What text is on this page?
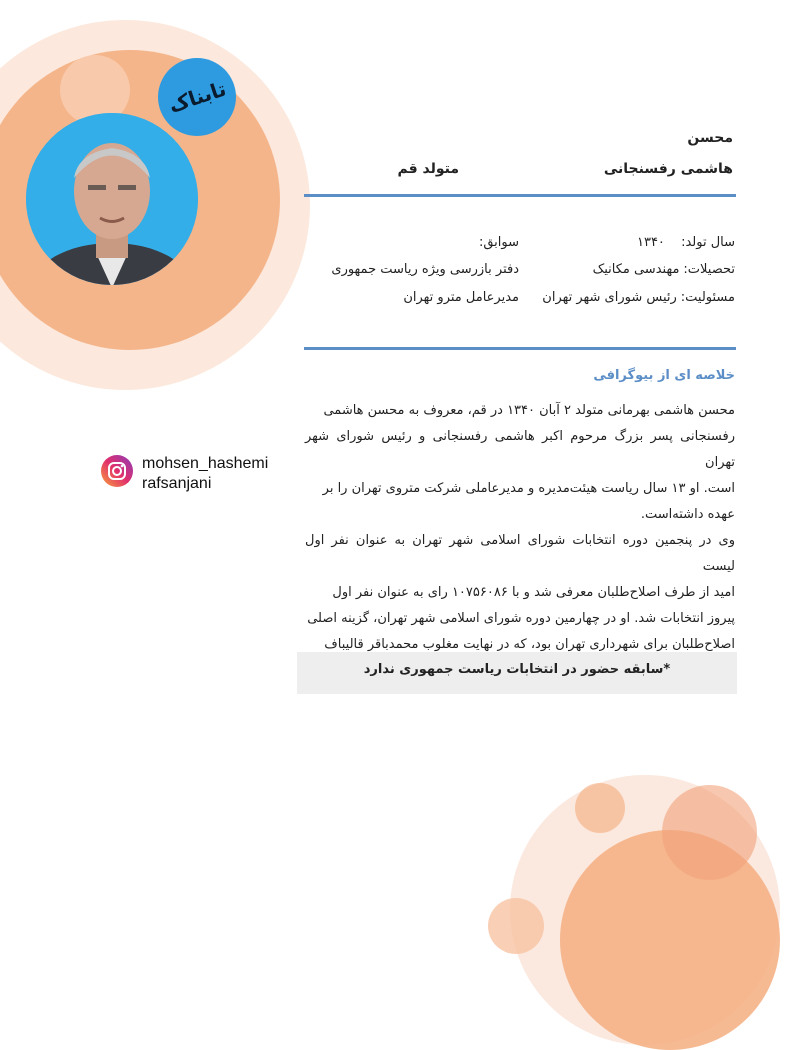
تابناک
محسن
هاشمی رفسنجانی
متولد قم
سال تولد: ۱۳۴۰
تحصیلات:مهندسی مکانیک
مسئولیت:رئیس شورای شهر تهران
سوابق:
دفتر بازرسی ویژه ریاست جمهوری
مدیرعامل مترو تهران
خلاصه ای از بیوگرافی
محسن هاشمی بهرمانی متولد ۲ آبان ۱۳۴۰ در قم، معروف به محسن هاشمی
رفسنجانی پسر بزرگ مرحوم اکبر هاشمی رفسنجانی و رئیس شورای شهر تهران
است. او ۱۳ سال ریاست هیئت‌مدیره و مدیرعاملی شرکت متروی تهران را بر
عهده داشته‌است.
وی در پنجمین دوره انتخابات شورای اسلامی شهر تهران به عنوان نفر اول لیست
امید از طرف اصلاح‌طلبان معرفی شد و با ۱۰۷۵۶۰۸۶ رای به عنوان نفر اول
پیروز انتخابات شد. او در چهارمین دوره شورای اسلامی شهر تهران، گزینه اصلی
اصلاح‌طلبان برای شهرداری تهران بود، که در نهایت مغلوب محمدباقر قالیباف
*سابقه حضور در انتخابات ریاست جمهوری ندارد
mohsen_hashemi
rafsanjani
